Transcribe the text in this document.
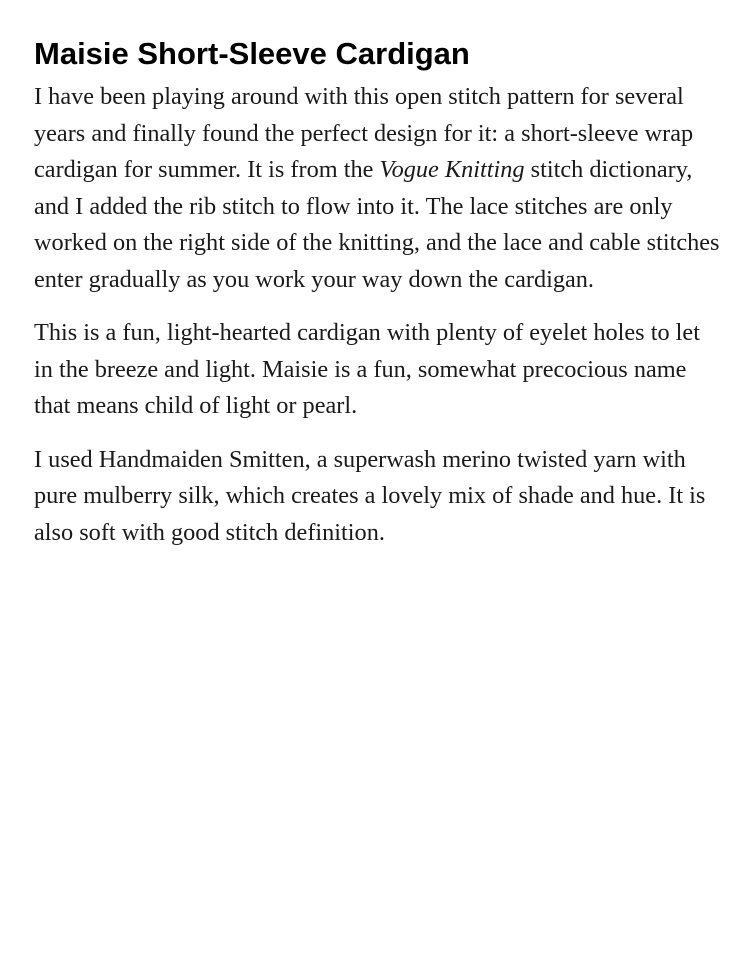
Maisie Short-Sleeve Cardigan

I have been playing around with this open stitch pattern for several years and finally found the perfect design for it: a short-sleeve wrap cardigan for summer. It is from the Vogue Knitting stitch dictionary, and I added the rib stitch to flow into it. The lace stitches are only worked on the right side of the knitting, and the lace and cable stitches enter gradually as you work your way down the cardigan.

This is a fun, light-hearted cardigan with plenty of eyelet holes to let in the breeze and light. Maisie is a fun, somewhat precocious name that means child of light or pearl.

I used Handmaiden Smitten, a superwash merino twisted yarn with pure mulberry silk, which creates a lovely mix of shade and hue. It is also soft with good stitch definition.
